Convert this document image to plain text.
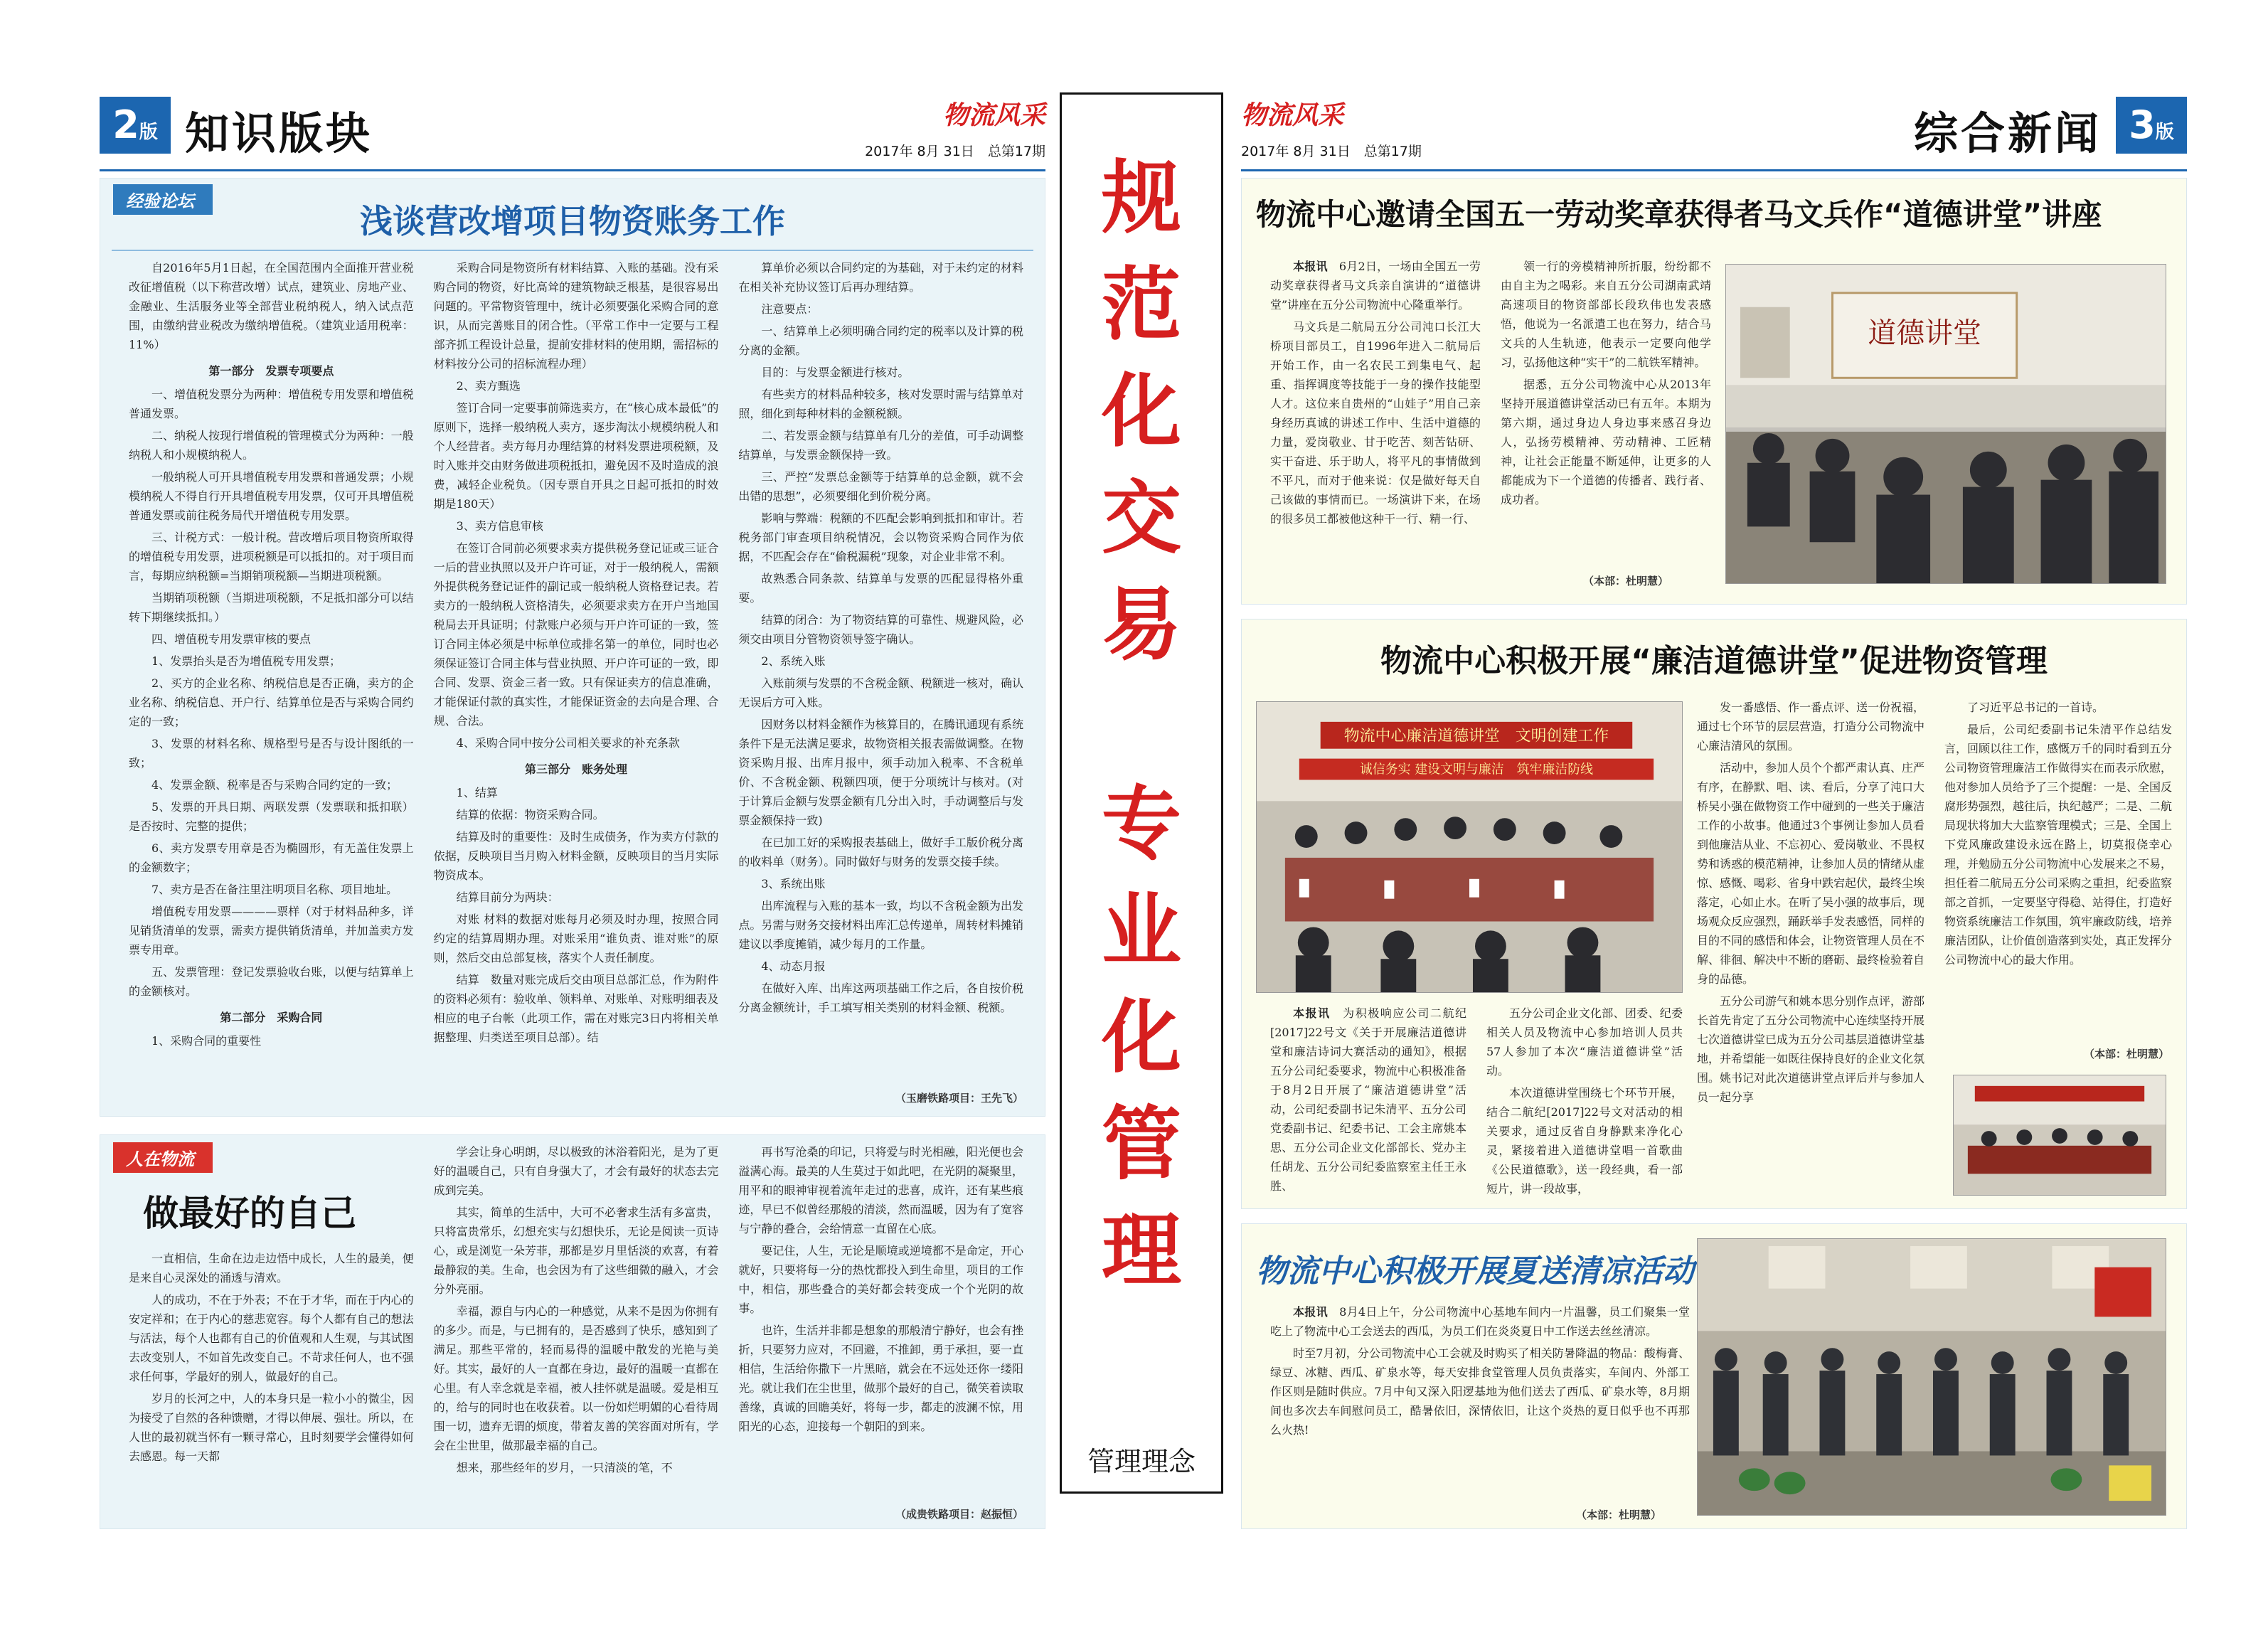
2版 知识版块	物流风采
2017年 8月 31日　 总第17期
经验论坛
浅谈营改增项目物资账务工作

自2016年5月1日起，在全国范围内全面推开营业税改征增值税（以下称营改增）试点，建筑业、房地产业、金融业、生活服务业等全部营业税纳税人，纳入试点范围，由缴纳营业税改为缴纳增值税。（建筑业适用税率：11%）

第一部分　发票专项要点

一、增值税发票分为两种：增值税专用发票和增值税普通发票。

二、纳税人按现行增值税的管理模式分为两种：一般纳税人和小规模纳税人。

一般纳税人可开具增值税专用发票和普通发票；小规模纳税人不得自行开具增值税专用发票，仅可开具增值税普通发票或前往税务局代开增值税专用发票。

三、计税方式：一般计税。营改增后项目物资所取得的增值税专用发票，进项税额是可以抵扣的。对于项目而言，每期应纳税额=当期销项税额—当期进项税额。

当期销项税额（当期进项税额，不足抵扣部分可以结转下期继续抵扣。）

四、增值税专用发票审核的要点

1、发票抬头是否为增值税专用发票；

2、买方的企业名称、纳税信息是否正确，卖方的企业名称、纳税信息、开户行、结算单位是否与采购合同约定的一致；

3、发票的材料名称、规格型号是否与设计图纸的一致；

4、发票金额、税率是否与采购合同约定的一致；

5、发票的开具日期、两联发票（发票联和抵扣联）是否按时、完整的提供；

6、卖方发票专用章是否为椭圆形，有无盖住发票上的金额数字；

7、卖方是否在备注里注明项目名称、项目地址。

增值税专用发票————票样（对于材料品种多，详见销货清单的发票，需卖方提供销货清单，并加盖卖方发票专用章。

五、发票管理：登记发票验收台账，以便与结算单上的金额核对。

第二部分　采购合同

1、采购合同的重要性

采购合同是物资所有材料结算、入账的基础。没有采购合同的物资，好比高耸的建筑物缺乏根基，是很容易出问题的。平常物资管理中，统计必须要强化采购合同的意识，从而完善账目的闭合性。（平常工作中一定要与工程部齐抓工程设计总量，提前安排材料的使用期，需招标的材料按分公司的招标流程办理）

2、卖方甄选

签订合同一定要事前筛选卖方，在“核心成本最低”的原则下，选择一般纳税人卖方，逐步淘汰小规模纳税人和个人经营者。卖方每月办理结算的材料发票进项税额，及时入账并交由财务做进项税抵扣，避免因不及时造成的浪费，减轻企业税负。（因专票自开具之日起可抵扣的时效期是180天）

3、卖方信息审核

在签订合同前必须要求卖方提供税务登记证或三证合一后的营业执照以及开户许可证，对于一般纳税人，需额外提供税务登记证件的副记或一般纳税人资格登记表。若卖方的一般纳税人资格清失，必须要求卖方在开户当地国税局去开具证明；付款账户必须与开户许可证的一致，签订合同主体必须是中标单位或排名第一的单位，同时也必须保证签订合同主体与营业执照、开户许可证的一致，即合同、发票、资金三者一致。只有保证卖方的信息准确，才能保证付款的真实性，才能保证资金的去向是合理、合规、合法。

4、采购合同中按分公司相关要求的补充条款

第三部分　账务处理

1、结算

结算的依据：物资采购合同。

结算及时的重要性：及时生成债务，作为卖方付款的依据，反映项目当月购入材料金额，反映项目的当月实际物资成本。

结算目前分为两块：

对账 材料的数据对账每月必须及时办理，按照合同约定的结算周期办理。对账采用“谁负责、谁对账”的原则，然后交由总部复核，落实个人责任制度。

结算　数量对账完成后交由项目总部汇总，作为附件的资料必须有：验收单、领料单、对账单、对账明细表及相应的电子台帐（此项工作，需在对账完3日内将相关单据整理、归类送至项目总部）。结

算单价必须以合同约定的为基础，对于未约定的材料在相关补充协议签订后再办理结算。

注意要点：

一、结算单上必须明确合同约定的税率以及计算的税分离的金额。

目的：与发票金额进行核对。

有些卖方的材料品种较多，核对发票时需与结算单对照，细化到每种材料的金额税额。

二、若发票金额与结算单有几分的差值，可手动调整结算单，与发票金额保持一致。

三、严控“发票总金额等于结算单的总金额，就不会出错的思想”，必须要细化到价税分离。

影响与弊端：税额的不匹配会影响到抵扣和审计。若税务部门审查项目纳税情况，会以物资采购合同作为依据，不匹配会存在“偷税漏税”现象，对企业非常不利。

故熟悉合同条款、结算单与发票的匹配显得格外重要。

结算的闭合：为了物资结算的可靠性、规避风险，必须交由项目分管物资领导签字确认。

2、系统入账

入账前须与发票的不含税金额、税额进一核对，确认无误后方可入账。

因财务以材料金额作为核算目的，在腾讯通现有系统条件下是无法满足要求，故物资相关报表需做调整。在物资采购月报、出库月报中，须手动加入税率、不含税单价、不含税金额、税额四项，便于分项统计与核对。(对于计算后金额与发票金额有几分出入时，手动调整后与发票金额保持一致)

在已加工好的采购报表基础上，做好手工版价税分离的收料单（财务）。同时做好与财务的发票交接手续。

3、系统出账

出库流程与入账的基本一致，均以不含税金额为出发点。另需与财务交接材料出库汇总传递单，周转材料摊销建议以季度摊销，减少每月的工作量。

4、动态月报

在做好入库、出库这两项基础工作之后，各自按价税分离金额统计，手工填写相关类别的材料金额、税额。

（玉磨铁路项目：王先飞）
人在物流
做最好的自己

一直相信，生命在边走边悟中成长，人生的最美，便是来自心灵深处的涌透与清欢。

人的成功，不在于外表；不在于才华，而在于内心的安定祥和；在于内心的慈悲宽容。每个人都有自己的想法与活法，每个人也都有自己的价值观和人生观，与其试图去改变别人，不如首先改变自己。不苛求任何人，也不强求任何事，学最好的别人，做最好的自己。

岁月的长河之中，人的本身只是一粒小小的微尘，因为接受了自然的各种馈赠，才得以伸展、强壮。所以，在人世的最初就当怀有一颗寻常心，且时刻要学会懂得如何去感恩。每一天都

学会让身心明朗，尽以极致的沐浴着阳光，是为了更好的温暖自己，只有自身强大了，才会有最好的状态去完成到完美。

其实，简单的生活中，大可不必奢求生活有多富贵，只将富贵常乐，幻想充实与幻想快乐，无论是阅读一页诗心，或是浏览一朵芳菲，那都是岁月里恬淡的欢喜，有着最静寂的美。生命，也会因为有了这些细微的融入，才会分外亮丽。

幸福，源自与内心的一种感觉，从来不是因为你拥有的多少。而是，与已拥有的，是否感到了快乐，感知到了满足。那些平常的，轻而易得的温暖中散发的光艳与美好。其实，最好的人一直都在身边，最好的温暖一直都在心里。有人幸念就是幸福，被人挂怀就是温暖。爱是相互的，给与的同时也在收获着。以一份如烂明媚的心看待周围一切，遗弃无谓的烦度，带着友善的笑容面对所有，学会在尘世里，做那最幸福的自己。

想来，那些经年的岁月，一只清淡的笔，不

再书写沧桑的印记，只将爱与时光相融，阳光便也会溢满心海。最美的人生莫过于如此吧，在光阴的凝聚里，用平和的眼神审视着流年走过的悲喜，成许，还有某些痕迹，早已不似曾经那般的清淡，然而温暖，因为有了宽容与宁静的叠合，会给情意一直留在心底。

要记住，人生，无论是顺境或逆境都不是命定，开心就好，只要将每一分的热忱都投入到生命里，项目的工作中，相信，那些叠合的美好都会转变成一个个光阴的故事。

也许，生活并非都是想象的那般清宁静好，也会有挫折，只要努力应对，不回避，不推卸，勇于承担，要一直相信，生活给你撒下一片黑暗，就会在不远处还你一缕阳光。就让我们在尘世里，做那个最好的自己，微笑着读取善缘，真诚的回瞻美好，将每一步，都走的波澜不惊，用阳光的心态，迎接每一个朝阳的到来。

（成贵铁路项目：赵振恒）
规
范
化
交
易
专
业
化
管
理
管理理念
物流风采
2017年 8月 31日　 总第17期	综合新闻 3版
物流中心邀请全国五一劳动奖章获得者马文兵作“道德讲堂”讲座

本报讯　6月2日，一场由全国五一劳动奖章获得者马文兵亲自演讲的“道德讲堂”讲座在五分公司物流中心隆重举行。

马文兵是二航局五分公司沌口长江大桥项目部员工，自1996年进入二航局后开始工作，由一名农民工到集电气、起重、指挥调度等技能于一身的操作技能型人才。这位来自贵州的“山娃子”用自己亲身经历真诚的讲述工作中、生活中道德的力量，爱岗敬业、甘于吃苦、刻苦钻研、实干奋进、乐于助人，将平凡的事情做到不平凡，而对于他来说：仅是做好每天自己该做的事情而已。一场演讲下来，在场的很多员工都被他这种干一行、精一行、

领一行的旁模精神所折服，纷纷都不由自主为之喝彩。来自五分公司湖南武靖高速项目的物资部部长段玖伟也发表感悟，他说为一名派遣工也在努力，结合马文兵的人生轨迹，他表示一定要向他学习，弘扬他这种“实干”的二航铁军精神。

据悉，五分公司物流中心从2013年坚持开展道德讲堂活动已有五年。本期为第六期，通过身边人身边事来感召身边人，弘扬劳模精神、劳动精神、工匠精神，让社会正能量不断延伸，让更多的人都能成为下一个道德的传播者、践行者、成功者。

（本部：杜明慧）
道德讲堂
物流中心积极开展“廉洁道德讲堂”促进物资管理
物流中心廉洁道德讲堂　文明创建工作
诚信务实 建设文明与廉洁　筑牢廉洁防线

本报讯　为积极响应公司二航纪[2017]22号文《关于开展廉洁道德讲堂和廉洁诗词大赛活动的通知》，根据五分公司纪委要求，物流中心积极准备于8月2日开展了“廉洁道德讲堂”活动，公司纪委副书记朱清平、五分公司党委副书记、纪委书记、工会主席姚本思、五分公司企业文化部部长、党办主任胡龙、五分公司纪委监察室主任王永胜、

五分公司企业文化部、团委、纪委相关人员及物流中心参加培训人员共57人参加了本次“廉洁道德讲堂”活动。

本次道德讲堂围绕七个环节开展，结合二航纪[2017]22号文对活动的相关要求，通过反省自身静默来净化心灵，紧接着进入道德讲堂唱一首歌曲《公民道德歌》，送一段经典，看一部短片，讲一段故事，

发一番感悟、作一番点评、送一份祝福，通过七个环节的层层营造，打造分公司物流中心廉洁清风的氛围。

活动中，参加人员个个都严肃认真、庄严有序，在静默、唱、读、看后，分享了沌口大桥吴小强在做物资工作中碰到的一些关于廉洁工作的小故事。他通过3个事例让参加人员看到他廉洁从业、不忘初心、爱岗敬业、不畏权势和诱惑的模范精神，让参加人员的情绪从虚惊、感慨、喝彩、省身中跌宕起伏，最终尘埃落定，心如止水。在听了吴小强的故事后，现场观众反应强烈，踊跃举手发表感悟，同样的目的不同的感悟和体会，让物资管理人员在不解、徘徊、解决中不断的磨砺、最终检验着自身的品德。

五分公司游气和姚本思分别作点评，游部长首先肯定了五分公司物流中心连续坚持开展七次道德讲堂已成为五分公司基层道德讲堂基地，并希望能一如既往保持良好的企业文化氛围。姚书记对此次道德讲堂点评后并与参加人员一起分享

了习近平总书记的一首诗。

最后，公司纪委副书记朱清平作总结发言，回顾以往工作，感慨万千的同时看到五分公司物资管理廉洁工作做得实在而表示欣慰，他对参加人员给予了三个提醒：一是、全国反腐形势强烈，越往后，执纪越严；二是、二航局现状将加大大监察管理模式；三是、全国上下党风廉政建设永远在路上，切莫报侥幸心理，并勉励五分公司物流中心发展来之不易，担任着二航局五分公司采购之重担，纪委监察部之首抓，一定要坚守得稳、站得住，打造好物资系统廉洁工作氛围，筑牢廉政防线，培养廉洁团队，让价值创造落到实处，真正发挥分公司物流中心的最大作用。

（本部：杜明慧）
物流中心积极开展夏送清凉活动

本报讯　8月4日上午，分公司物流中心基地车间内一片温馨，员工们聚集一堂吃上了物流中心工会送去的西瓜，为员工们在炎炎夏日中工作送去丝丝清凉。

时至7月初，分公司物流中心工会就及时购买了相关防暑降温的物品：酸梅膏、绿豆、冰糖、西瓜、矿泉水等，每天安排食堂管理人员负责落实，车间内、外部工作区则是随时供应。7月中旬又深入阳逻基地为他们送去了西瓜、矿泉水等，8月期间也多次去车间慰问员工，酷暑依旧，深情依旧，让这个炎热的夏日似乎也不再那么火热!

（本部：杜明慧）
